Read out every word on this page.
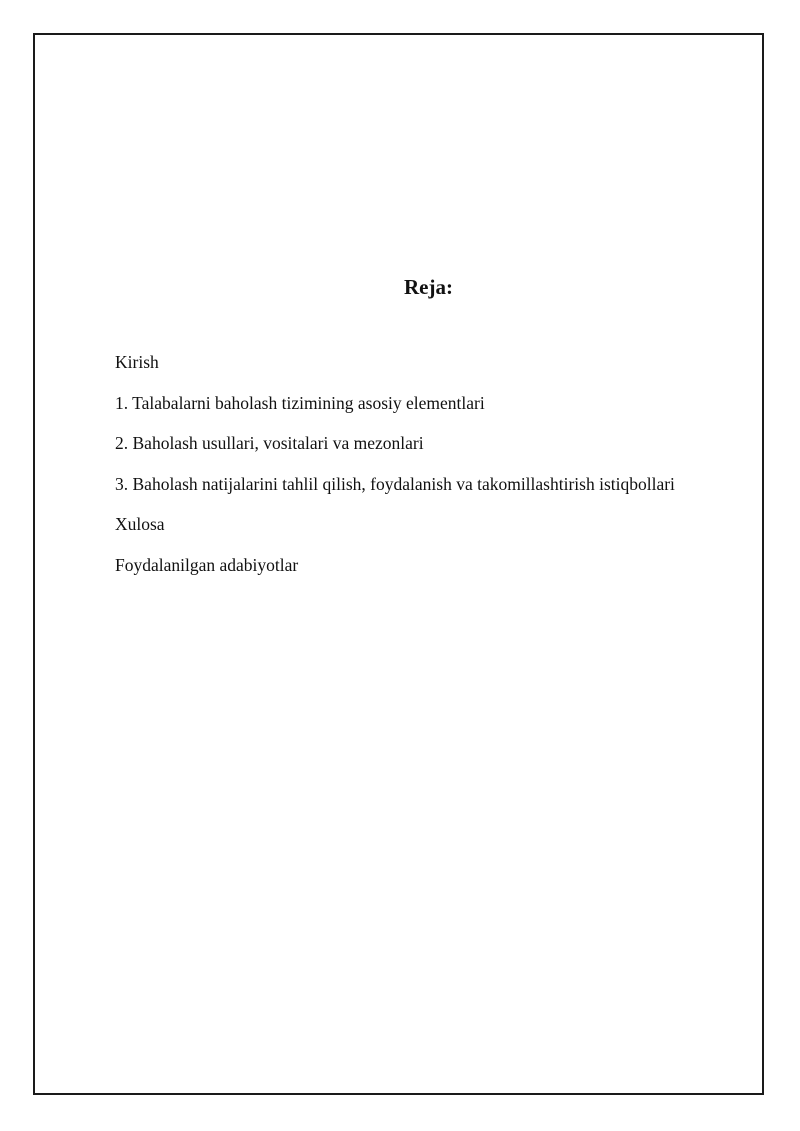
Reja:
Kirish
1. Talabalarni baholash tizimining asosiy elementlari
2. Baholash usullari, vositalari va mezonlari
3. Baholash natijalarini tahlil qilish, foydalanish va takomillashtirish istiqbollari
Xulosa
Foydalanilgan adabiyotlar
